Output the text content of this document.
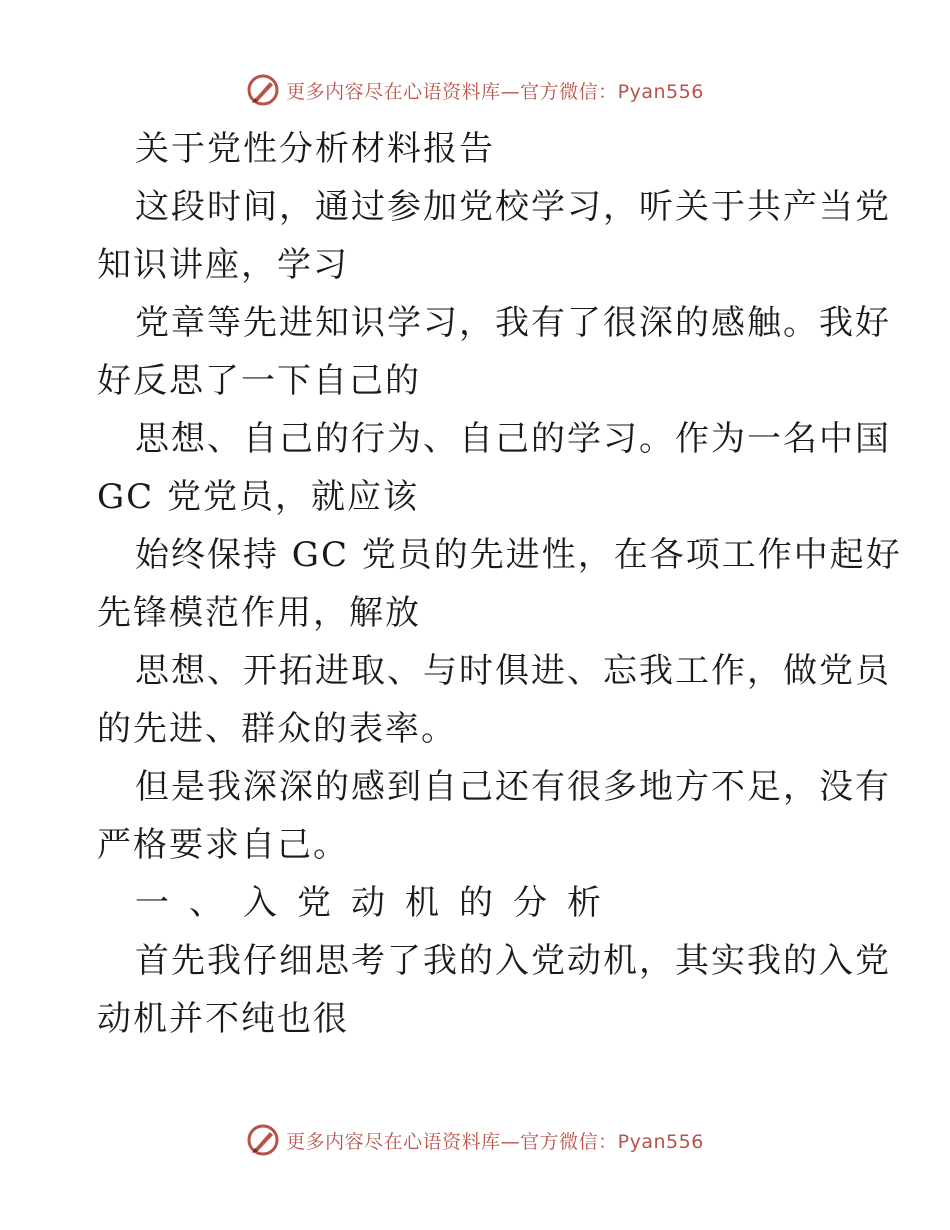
更多内容尽在心语资料库—官方微信：Pyan556
关于党性分析材料报告
这段时间，通过参加党校学习，听关于共产当党
知识讲座，学习
党章等先进知识学习，我有了很深的感触。我好
好反思了一下自己的
思想、自己的行为、自己的学习。作为一名中国
GC 党党员，就应该
始终保持 GC 党员的先进性，在各项工作中起好
先锋模范作用，解放
思想、开拓进取、与时俱进、忘我工作，做党员
的先进、群众的表率。
但是我深深的感到自己还有很多地方不足，没有
严格要求自己。
一、入党动机的分析
首先我仔细思考了我的入党动机，其实我的入党
动机并不纯也很
更多内容尽在心语资料库—官方微信：Pyan556
